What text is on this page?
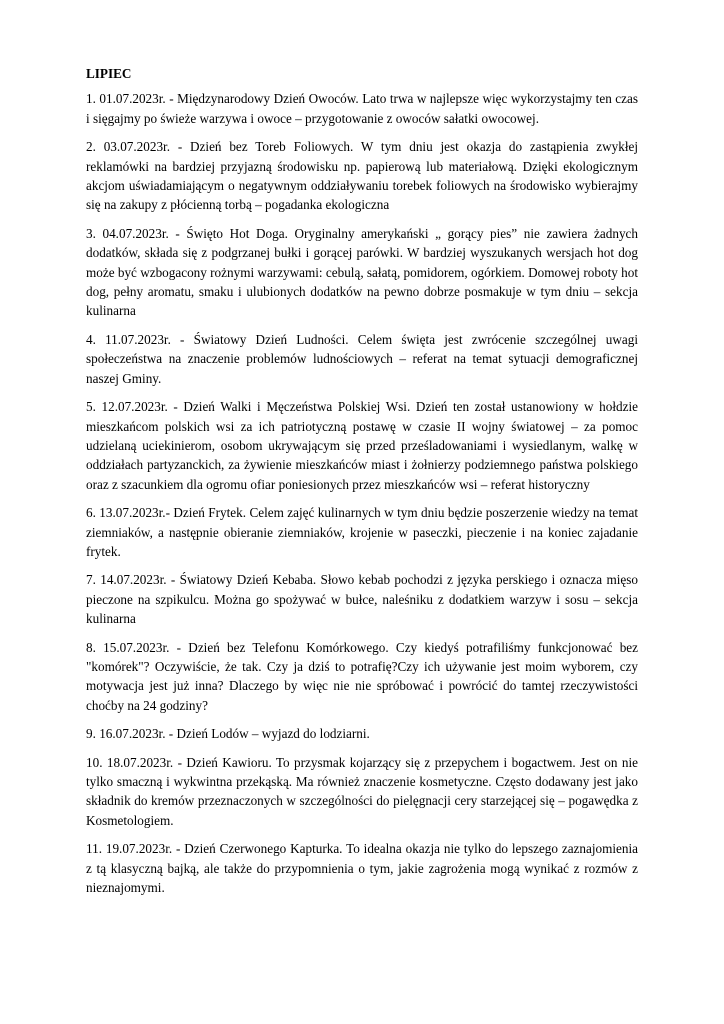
LIPIEC

1. 01.07.2023r. - Międzynarodowy Dzień Owoców. Lato trwa w najlepsze więc wykorzystajmy ten czas i sięgajmy po świeże warzywa i owoce – przygotowanie z owoców sałatki owocowej.

2. 03.07.2023r. - Dzień bez Toreb Foliowych. W tym dniu jest okazja do zastąpienia zwykłej reklamówki na bardziej przyjazną środowisku np. papierową lub materiałową. Dzięki ekologicznym akcjom uświadamiającym o negatywnym oddziaływaniu torebek foliowych na środowisko wybierajmy się na zakupy z płócienną torbą – pogadanka ekologiczna

3. 04.07.2023r. - Święto Hot Doga. Oryginalny amerykański „ gorący pies” nie zawiera żadnych dodatków, składa się z podgrzanej bułki i gorącej parówki. W bardziej wyszukanych wersjach hot dog może być wzbogacony rożnymi warzywami: cebulą, sałatą, pomidorem, ogórkiem. Domowej roboty hot dog, pełny aromatu, smaku i ulubionych dodatków na pewno dobrze posmakuje w tym dniu – sekcja kulinarna

4. 11.07.2023r. - Światowy Dzień Ludności. Celem święta jest zwrócenie szczególnej uwagi społeczeństwa na znaczenie problemów ludnościowych – referat na temat sytuacji demograficznej naszej Gminy.

5. 12.07.2023r. - Dzień Walki i Męczeństwa Polskiej Wsi. Dzień ten został ustanowiony w hołdzie mieszkańcom polskich wsi za ich patriotyczną postawę w czasie II wojny światowej – za pomoc udzielaną uciekinierom, osobom ukrywającym się przed prześladowaniami i wysiedlanym, walkę w oddziałach partyzanckich, za żywienie mieszkańców miast i żołnierzy podziemnego państwa polskiego oraz z szacunkiem dla ogromu ofiar poniesionych przez mieszkańców wsi – referat historyczny

6. 13.07.2023r.- Dzień Frytek. Celem zajęć kulinarnych w tym dniu będzie poszerzenie wiedzy na temat ziemniaków, a następnie obieranie ziemniaków, krojenie w paseczki, pieczenie i na koniec zajadanie frytek.

7. 14.07.2023r. - Światowy Dzień Kebaba. Słowo kebab pochodzi z języka perskiego i oznacza mięso pieczone na szpikulcu. Można go spożywać w bułce, naleśniku z dodatkiem warzyw i sosu – sekcja kulinarna

8. 15.07.2023r. - Dzień bez Telefonu Komórkowego. Czy kiedyś potrafiliśmy funkcjonować bez "komórek"? Oczywiście, że tak. Czy ja dziś to potrafię?Czy ich używanie jest moim wyborem, czy motywacja jest już inna? Dlaczego by więc nie nie spróbować i powrócić do tamtej rzeczywistości choćby na 24 godziny?

9. 16.07.2023r. - Dzień Lodów – wyjazd do lodziarni.

10. 18.07.2023r. - Dzień Kawioru. To przysmak kojarzący się z przepychem i bogactwem. Jest on nie tylko smaczną i wykwintna przekąską. Ma również znaczenie kosmetyczne. Często dodawany jest jako składnik do kremów przeznaczonych w szczególności do pielęgnacji cery starzejącej się – pogawędka z Kosmetologiem.

11. 19.07.2023r. - Dzień Czerwonego Kapturka. To idealna okazja nie tylko do lepszego zaznajomienia z tą klasyczną bajką, ale także do przypomnienia o tym, jakie zagrożenia mogą wynikać z rozmów z nieznajomymi.
